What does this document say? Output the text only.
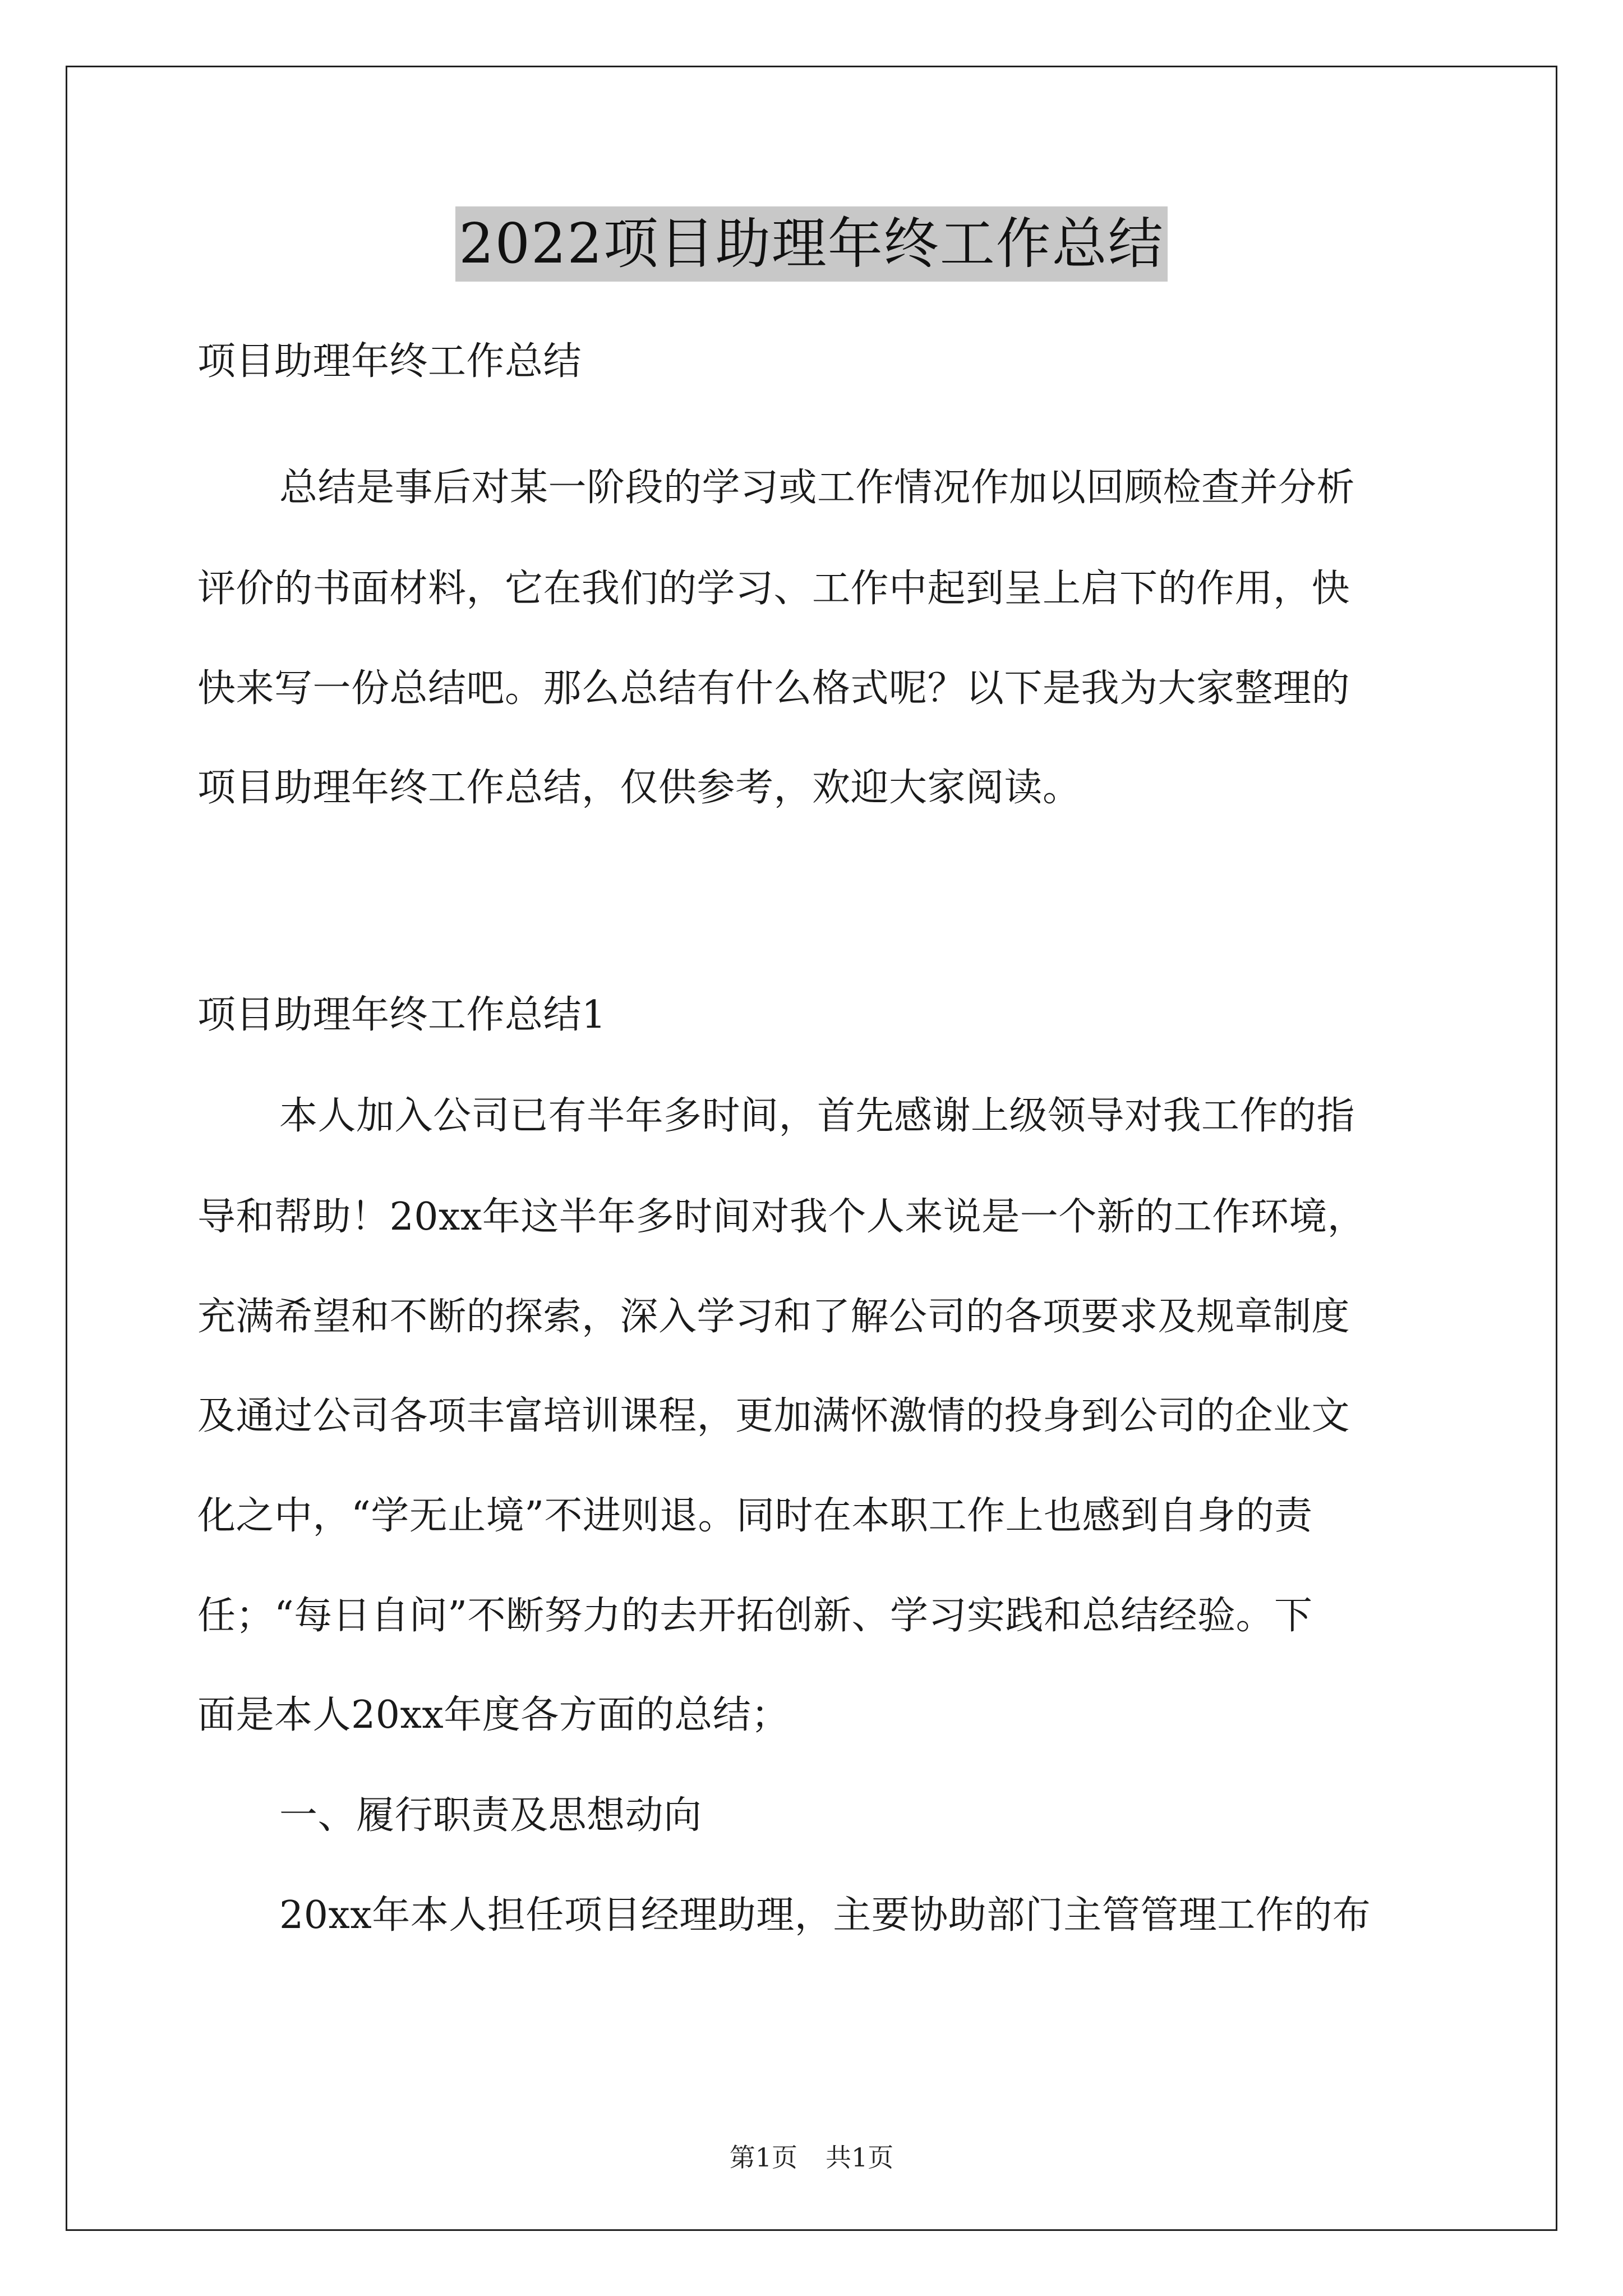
2022项目助理年终工作总结
项目助理年终工作总结
总结是事后对某一阶段的学习或工作情况作加以回顾检查并分析
评价的书面材料，它在我们的学习、工作中起到呈上启下的作用，快
快来写一份总结吧。那么总结有什么格式呢？以下是我为大家整理的
项目助理年终工作总结，仅供参考，欢迎大家阅读。
项目助理年终工作总结1
本人加入公司已有半年多时间，首先感谢上级领导对我工作的指
导和帮助！20xx年这半年多时间对我个人来说是一个新的工作环境，
充满希望和不断的探索，深入学习和了解公司的各项要求及规章制度
及通过公司各项丰富培训课程，更加满怀激情的投身到公司的企业文
化之中，“学无止境”不进则退。同时在本职工作上也感到自身的责
任；“每日自问”不断努力的去开拓创新、学习实践和总结经验。下
面是本人20xx年度各方面的总结；
一、履行职责及思想动向
20xx年本人担任项目经理助理，主要协助部门主管管理工作的布
第1页 共1页
